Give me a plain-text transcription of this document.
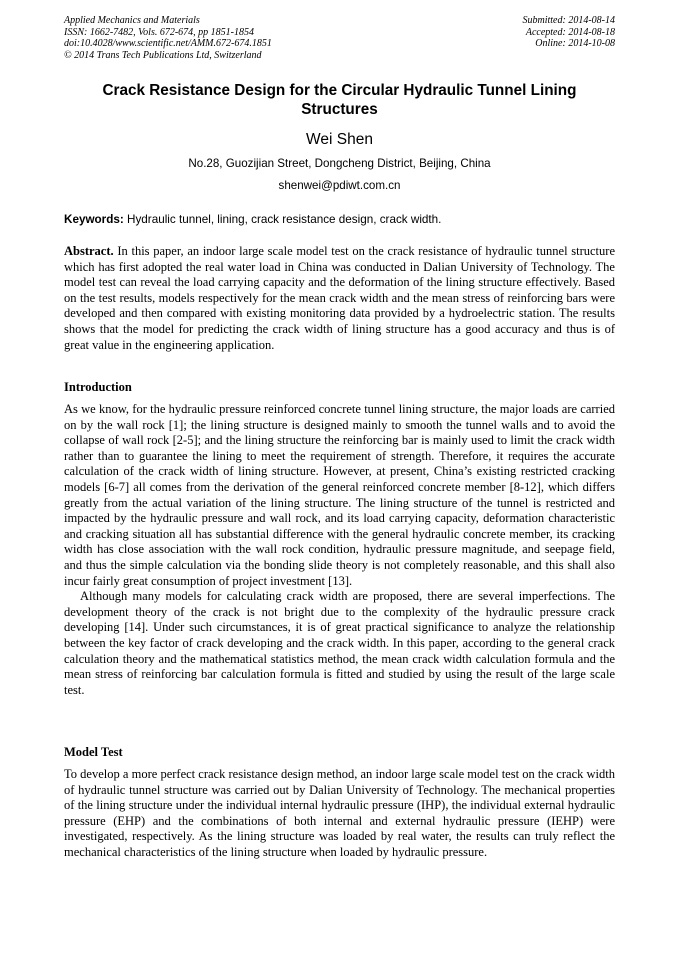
Applied Mechanics and Materials
ISSN: 1662-7482, Vols. 672-674, pp 1851-1854
doi:10.4028/www.scientific.net/AMM.672-674.1851
© 2014 Trans Tech Publications Ltd, Switzerland
Submitted: 2014-08-14
Accepted: 2014-08-18
Online: 2014-10-08
Crack Resistance Design for the Circular Hydraulic Tunnel Lining Structures
Wei Shen
No.28, Guozijian Street, Dongcheng District, Beijing, China
shenwei@pdiwt.com.cn
Keywords: Hydraulic tunnel, lining, crack resistance design, crack width.

Abstract. In this paper, an indoor large scale model test on the crack resistance of hydraulic tunnel structure which has first adopted the real water load in China was conducted in Dalian University of Technology. The model test can reveal the load carrying capacity and the deformation of the lining structure effectively. Based on the test results, models respectively for the mean crack width and the mean stress of reinforcing bars were developed and then compared with existing monitoring data provided by a hydroelectric station. The results shows that the model for predicting the crack width of lining structure has a good accuracy and thus is of great value in the engineering application.

Introduction

As we know, for the hydraulic pressure reinforced concrete tunnel lining structure, the major loads are carried on by the wall rock [1]; the lining structure is designed mainly to smooth the tunnel walls and to avoid the collapse of wall rock [2-5]; and the lining structure the reinforcing bar is mainly used to limit the crack width rather than to guarantee the lining to meet the requirement of strength. Therefore, it requires the accurate calculation of the crack width of lining structure. However, at present, China’s existing restricted cracking models [6-7] all comes from the derivation of the general reinforced concrete member [8-12], which differs greatly from the actual variation of the lining structure. The lining structure of the tunnel is restricted and impacted by the hydraulic pressure and wall rock, and its load carrying capacity, deformation characteristic and cracking situation all has substantial difference with the general hydraulic concrete member, its cracking width has close association with the wall rock condition, hydraulic pressure magnitude, and seepage field, and thus the simple calculation via the bonding slide theory is not completely reasonable, and this shall also incur fairly great consumption of project investment [13].

Although many models for calculating crack width are proposed, there are several imperfections. The development theory of the crack is not bright due to the complexity of the hydraulic pressure crack developing [14]. Under such circumstances, it is of great practical significance to analyze the relationship between the key factor of crack developing and the crack width. In this paper, according to the general crack calculation theory and the mathematical statistics method, the mean crack width calculation formula and the mean stress of reinforcing bar calculation formula is fitted and studied by using the result of the large scale test.

Model Test

To develop a more perfect crack resistance design method, an indoor large scale model test on the crack width of hydraulic tunnel structure was carried out by Dalian University of Technology. The mechanical properties of the lining structure under the individual internal hydraulic pressure (IHP), the individual external hydraulic pressure (EHP) and the combinations of both internal and external hydraulic pressure (IEHP) were investigated, respectively. As the lining structure was loaded by real water, the results can truly reflect the mechanical characteristics of the lining structure when loaded by hydraulic pressure.
